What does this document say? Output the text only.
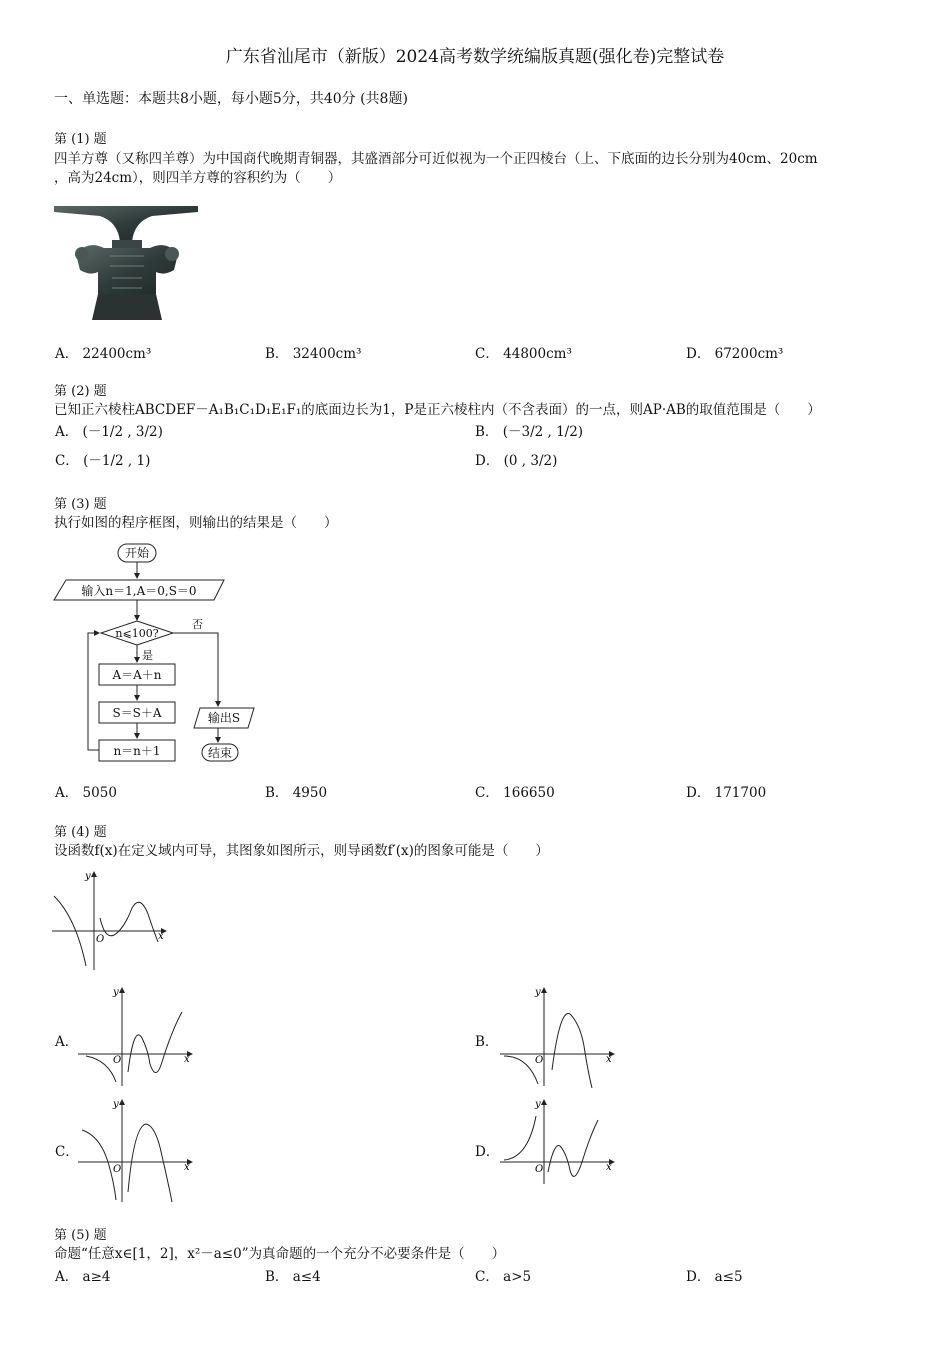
广东省汕尾市（新版）2024高考数学统编版真题(强化卷)完整试卷
一、单选题：本题共8小题，每小题5分，共40分 (共8题)
第 (1) 题
四羊方尊（又称四羊尊）为中国商代晚期青铜器，其盛酒部分可近似视为一个正四棱台（上、下底面的边长分别为40cm、20cm
，高为24cm），则四羊方尊的容积约为（　　）
A． 22400cm³	B． 32400cm³	C． 44800cm³	D． 67200cm³
第 (2) 题
已知正六棱柱ABCDEF－A₁B₁C₁D₁E₁F₁的底面边长为1，P是正六棱柱内（不含表面）的一点，则AP·AB的取值范围是（　　）
A． (－1/2 , 3/2)	B． (－3/2 , 1/2)
C． (－1/2 , 1)	D． (0 , 3/2)
第 (3) 题
执行如图的程序框图，则输出的结果是（　　）
开始
输入n＝1,A＝0,S＝0
n⩽100?
是
否
A＝A＋n
S＝S＋A
n＝n＋1
输出S
结束
A． 5050	B． 4950	C． 166650	D． 171700
第 (4) 题
设函数f(x)在定义域内可导，其图象如图所示，则导函数f′(x)的图象可能是（　　）
y
x
O
A．
y
x
O
B．
y
x
O
C．
y
x
O
D．
y
x
O
第 (5) 题
命题“任意x∈[1，2]，x²－a≤0”为真命题的一个充分不必要条件是（　　）
A． a≥4	B． a≤4	C． a>5	D． a≤5
